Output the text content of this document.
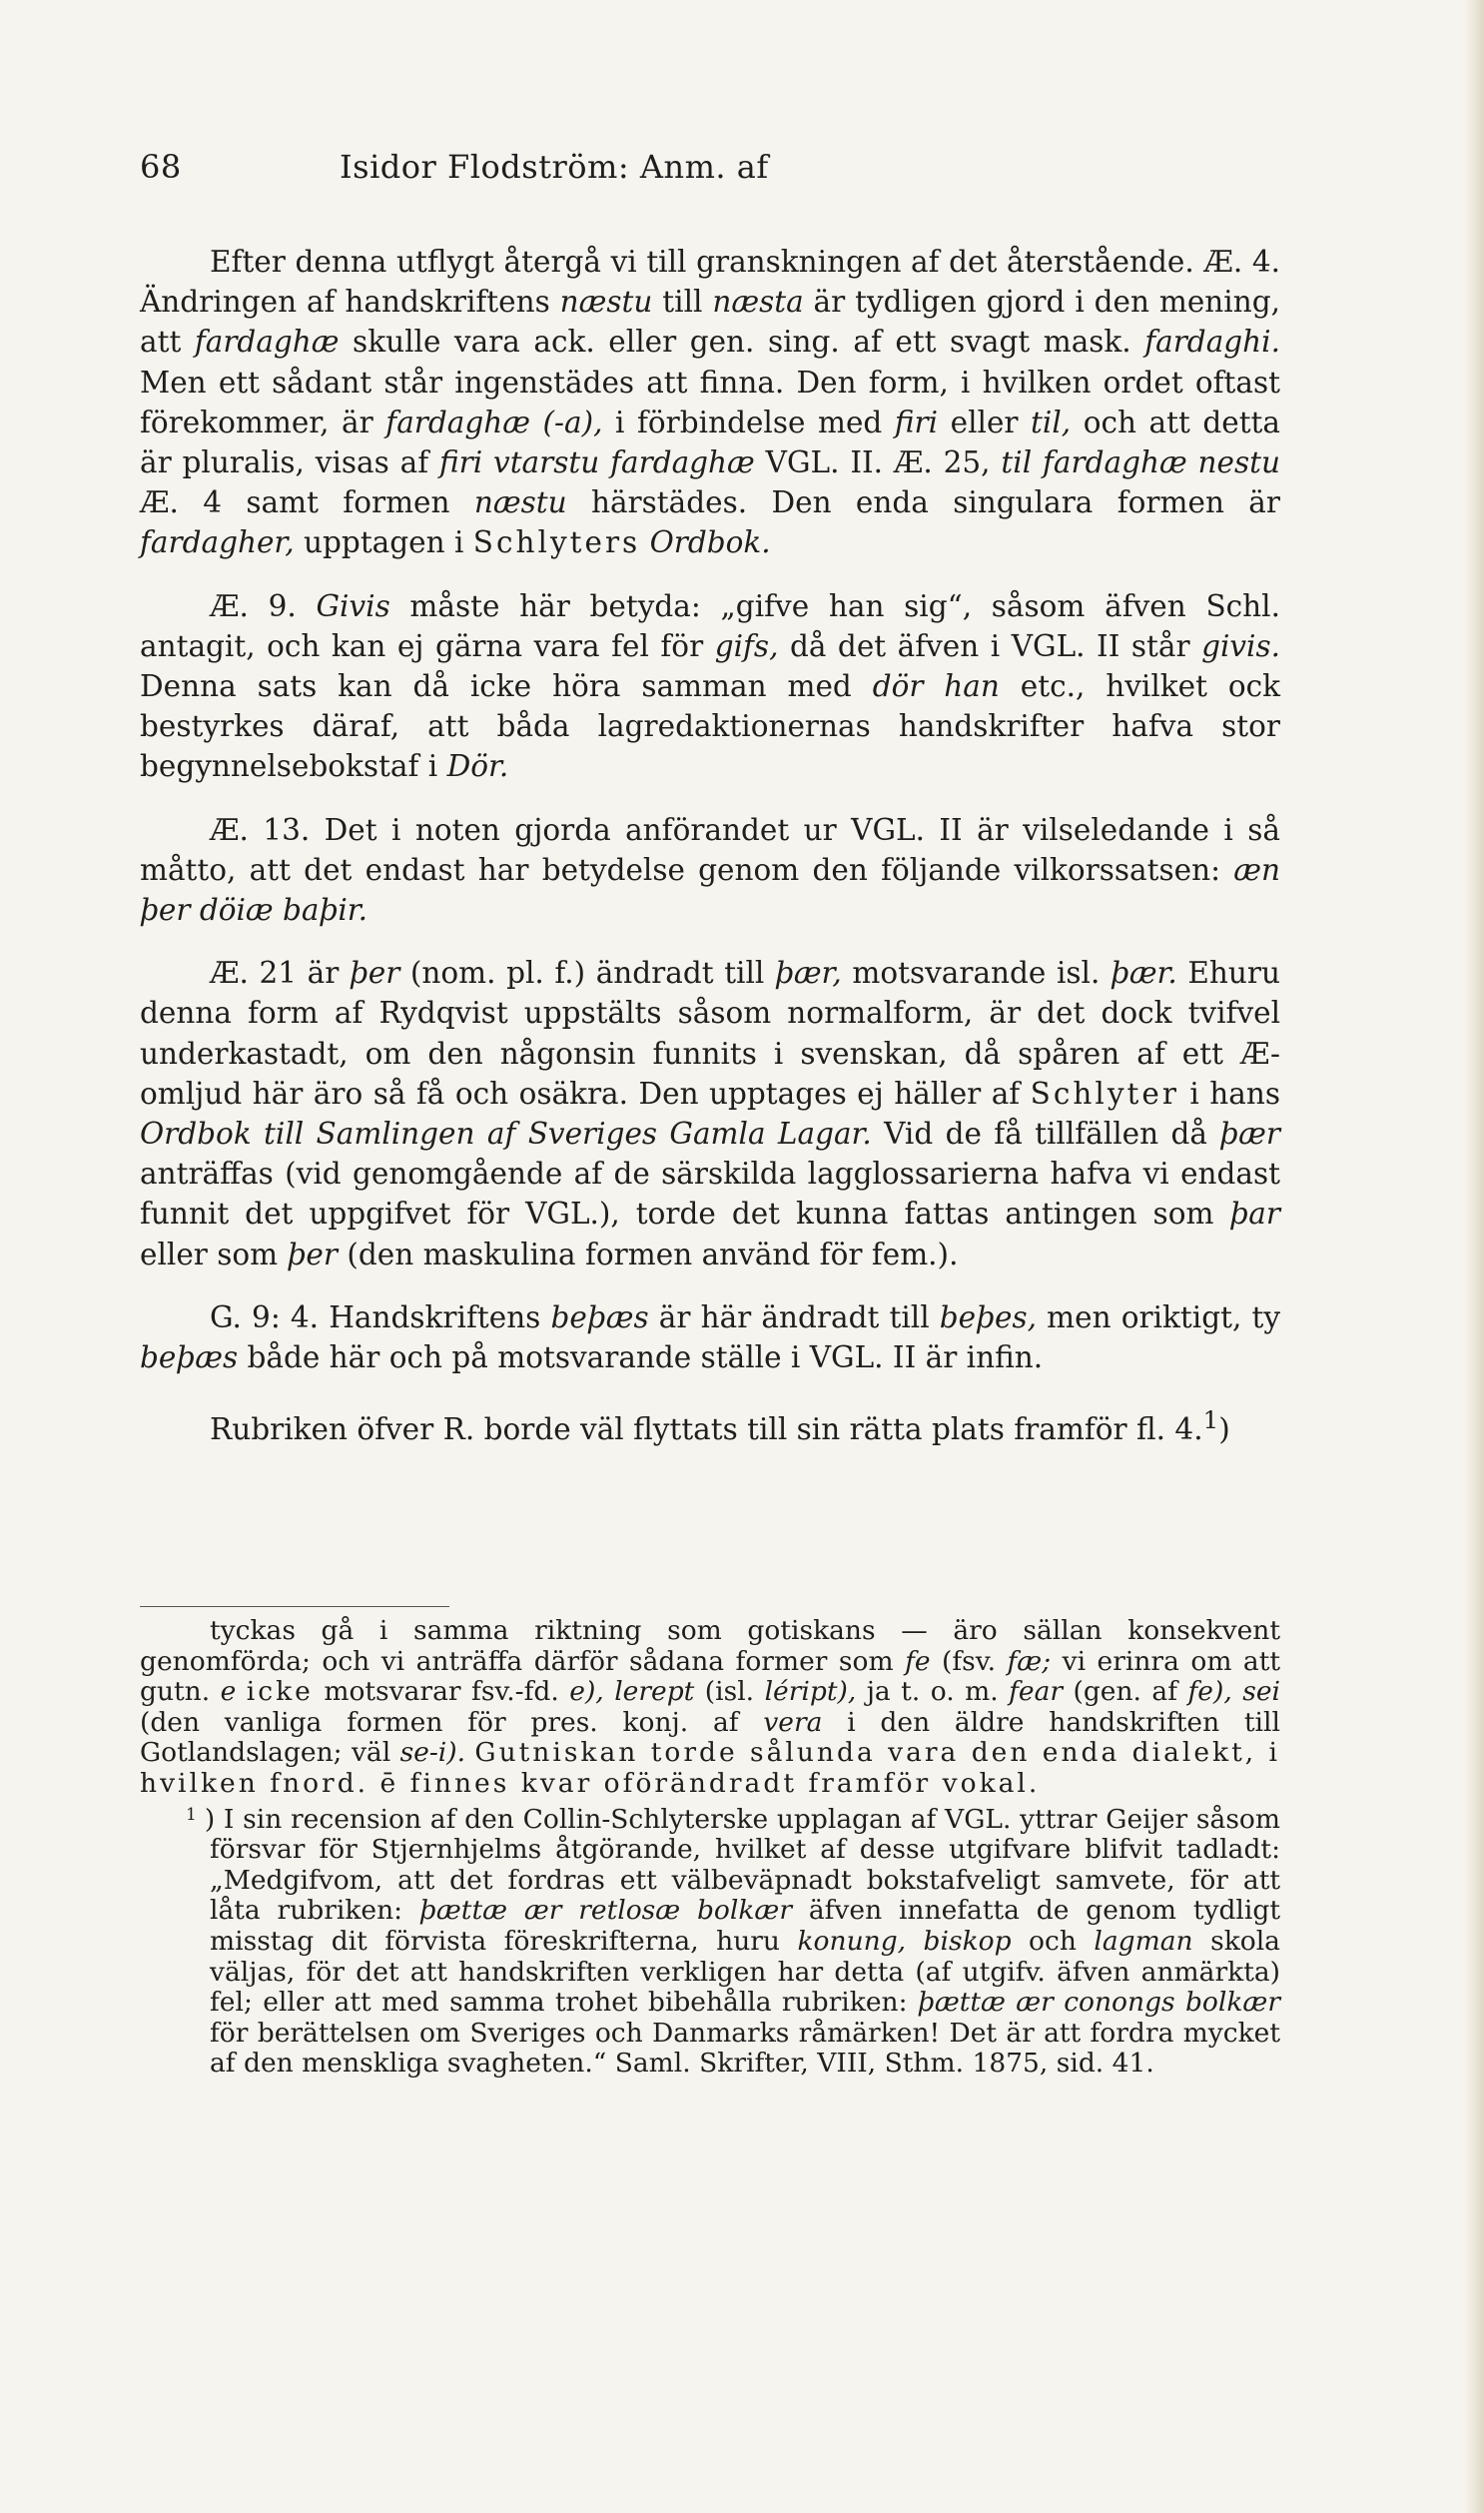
68	Isidor Flodström: Anm. af

Efter denna utflygt återgå vi till granskningen af det återstående. Æ. 4. Ändringen af handskriftens næstu till næsta är tydligen gjord i den mening, att fardaghæ skulle vara ack. eller gen. sing. af ett svagt mask. fardaghi. Men ett sådant står ingenstädes att finna. Den form, i hvilken ordet oftast förekommer, är fardaghæ (-a), i förbindelse med firi eller til, och att detta är pluralis, visas af firi vtarstu fardaghæ VGL. II. Æ. 25, til fardaghæ nestu Æ. 4 samt formen næstu härstädes. Den enda singulara formen är fardagher, upptagen i Schlyters Ordbok.

Æ. 9. Givis måste här betyda: „gifve han sig“, såsom äfven Schl. antagit, och kan ej gärna vara fel för gifs, då det äfven i VGL. II står givis. Denna sats kan då icke höra samman med dör han etc., hvilket ock bestyrkes däraf, att båda lagredaktionernas handskrifter hafva stor begynnelsebokstaf i Dör.

Æ. 13. Det i noten gjorda anförandet ur VGL. II är vilseledande i så måtto, att det endast har betydelse genom den följande vilkorssatsen: æn þer döiæ baþir.

Æ. 21 är þer (nom. pl. f.) ändradt till þær, motsvarande isl. þær. Ehuru denna form af Rydqvist uppstälts såsom normalform, är det dock tvifvel underkastadt, om den någonsin funnits i svenskan, då spåren af ett Æ-omljud här äro så få och osäkra. Den upptages ej häller af Schlyter i hans Ordbok till Samlingen af Sveriges Gamla Lagar. Vid de få tillfällen då þær anträffas (vid genomgående af de särskilda lagglossarierna hafva vi endast funnit det uppgifvet för VGL.), torde det kunna fattas antingen som þar eller som þer (den maskulina formen använd för fem.).

G. 9: 4. Handskriftens beþæs är här ändradt till beþes, men oriktigt, ty beþæs både här och på motsvarande ställe i VGL. II är infin.

Rubriken öfver R. borde väl flyttats till sin rätta plats framför fl. 4.$^1$)

tyckas gå i samma riktning som gotiskans — äro sällan konsekvent genomförda; och vi anträffa därför sådana former som fe (fsv. fæ; vi erinra om att gutn. e icke motsvarar fsv.-fd. e), lerept (isl. léript), ja t. o. m. fear (gen. af fe), sei (den vanliga formen för pres. konj. af vera i den äldre handskriften till Gotlandslagen; väl se-i). Gutniskan torde sålunda vara den enda dialekt, i hvilken fnord. ē finnes kvar oförändradt framför vokal.

$^1$ ) I sin recension af den Collin-Schlyterske upplagan af VGL. yttrar Geijer såsom försvar för Stjernhjelms åtgörande, hvilket af desse utgifvare blifvit tadladt: „Medgifvom, att det fordras ett välbeväpnadt bokstafveligt samvete, för att låta rubriken: þættæ ær retlosæ bolkær äfven innefatta de genom tydligt misstag dit förvista föreskrifterna, huru konung, biskop och lagman skola väljas, för det att handskriften verkligen har detta (af utgifv. äfven anmärkta) fel; eller att med samma trohet bibehålla rubriken: þættæ ær conongs bolkær för berättelsen om Sveriges och Danmarks råmärken! Det är att fordra mycket af den menskliga svagheten.“ Saml. Skrifter, VIII, Sthm. 1875, sid. 41.
